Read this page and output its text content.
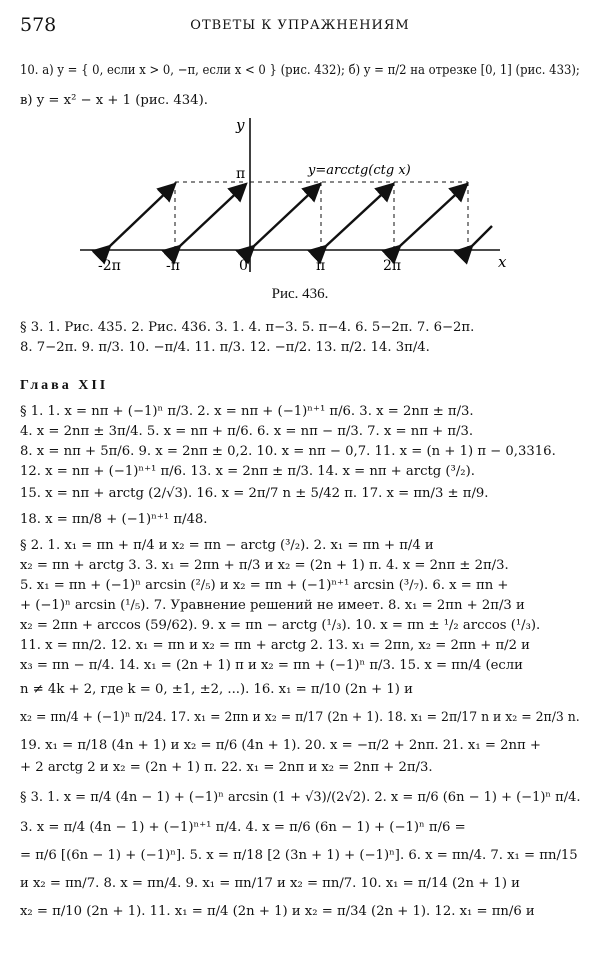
578	ОТВЕТЫ К УПРАЖНЕНИЯМ
10. а) y = { 0, если x > 0, −π, если x < 0 } (рис. 432); б) y = π/2 на отрезке [0, 1] (рис. 433);
в) y = x² − x + 1 (рис. 434).
y
x
π	y=arcctg(ctg x)
-2π	-π	0	π	2π
Рис. 436.
§ 3. 1. Рис. 435. 2. Рис. 436. 3. 1. 4. π−3. 5. π−4. 6. 5−2π. 7. 6−2π.
8. 7−2π. 9. π/3. 10. −π/4. 11. π/3. 12. −π/2. 13. π/2. 14. 3π/4.
Глава XII
§ 1. 1. x = nπ + (−1)ⁿ π/3. 2. x = nπ + (−1)ⁿ⁺¹ π/6. 3. x = 2nπ ± π/3.
4. x = 2nπ ± 3π/4. 5. x = nπ + π/6. 6. x = nπ − π/3. 7. x = nπ + π/3.
8. x = nπ + 5π/6. 9. x = 2nπ ± 0,2. 10. x = nπ − 0,7. 11. x = (n + 1) π − 0,3316.
12. x = nπ + (−1)ⁿ⁺¹ π/6. 13. x = 2nπ ± π/3. 14. x = nπ + arctg (³/₂).
15. x = nπ + arctg (2/√3). 16. x = 2π/7 n ± 5/42 π. 17. x = πn/3 ± π/9.
18. x = πn/8 + (−1)ⁿ⁺¹ π/48.
§ 2. 1. x₁ = πn + π/4 и x₂ = πn − arctg (³/₂). 2. x₁ = πn + π/4 и
x₂ = πn + arctg 3. 3. x₁ = 2πn + π/3 и x₂ = (2n + 1) π. 4. x = 2nπ ± 2π/3.
5. x₁ = πn + (−1)ⁿ arcsin (²/₅) и x₂ = πn + (−1)ⁿ⁺¹ arcsin (³/₇). 6. x = πn +
+ (−1)ⁿ arcsin (¹/₅). 7. Уравнение решений не имеет. 8. x₁ = 2πn + 2π/3 и
x₂ = 2πn + arccos (59/62). 9. x = πn − arctg (¹/₃). 10. x = πn ± ¹/₂ arccos (¹/₃).
11. x = πn/2. 12. x₁ = πn и x₂ = πn + arctg 2. 13. x₁ = 2πn, x₂ = 2πn + π/2 и
x₃ = πn − π/4. 14. x₁ = (2n + 1) π и x₂ = πn + (−1)ⁿ π/3. 15. x = πn/4 (если
n ≠ 4k + 2, где k = 0, ±1, ±2, ...). 16. x₁ = π/10 (2n + 1) и
x₂ = πn/4 + (−1)ⁿ π/24. 17. x₁ = 2πn и x₂ = π/17 (2n + 1). 18. x₁ = 2π/17 n и x₂ = 2π/3 n.
19. x₁ = π/18 (4n + 1) и x₂ = π/6 (4n + 1). 20. x = −π/2 + 2nπ. 21. x₁ = 2nπ +
+ 2 arctg 2 и x₂ = (2n + 1) π. 22. x₁ = 2nπ и x₂ = 2nπ + 2π/3.
§ 3. 1. x = π/4 (4n − 1) + (−1)ⁿ arcsin (1 + √3)/(2√2). 2. x = π/6 (6n − 1) + (−1)ⁿ π/4.
3. x = π/4 (4n − 1) + (−1)ⁿ⁺¹ π/4. 4. x = π/6 (6n − 1) + (−1)ⁿ π/6 =
= π/6 [(6n − 1) + (−1)ⁿ]. 5. x = π/18 [2 (3n + 1) + (−1)ⁿ]. 6. x = πn/4. 7. x₁ = πn/15
и x₂ = πn/7. 8. x = πn/4. 9. x₁ = πn/17 и x₂ = πn/7. 10. x₁ = π/14 (2n + 1) и
x₂ = π/10 (2n + 1). 11. x₁ = π/4 (2n + 1) и x₂ = π/34 (2n + 1). 12. x₁ = πn/6 и
